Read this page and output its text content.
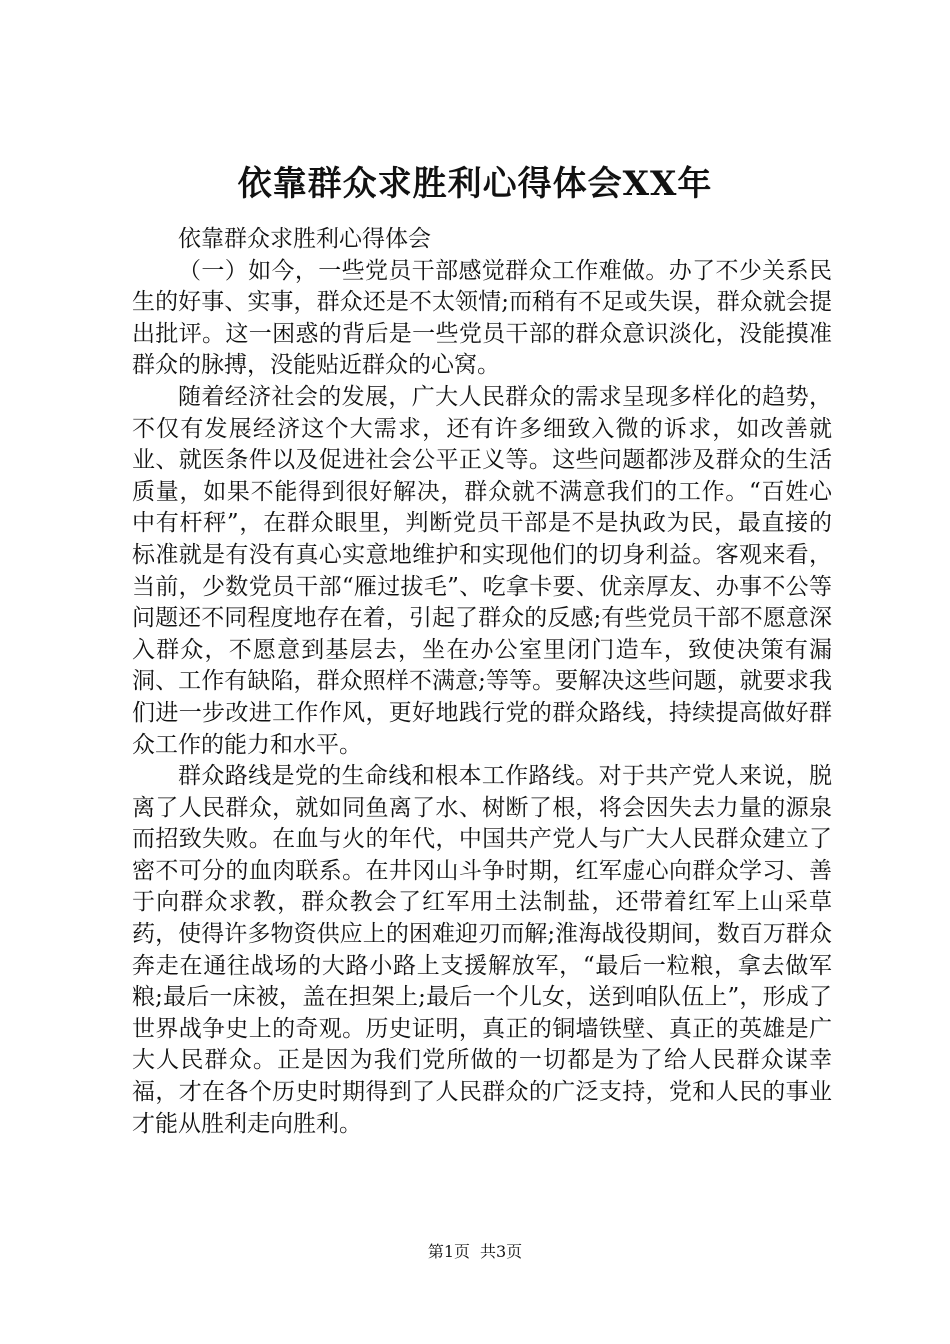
依靠群众求胜利心得体会XX年

依靠群众求胜利心得体会

（一）如今，一些党员干部感觉群众工作难做。办了不少关系民生的好事、实事，群众还是不太领情;而稍有不足或失误，群众就会提出批评。这一困惑的背后是一些党员干部的群众意识淡化，没能摸准群众的脉搏，没能贴近群众的心窝。

随着经济社会的发展，广大人民群众的需求呈现多样化的趋势，不仅有发展经济这个大需求，还有许多细致入微的诉求，如改善就业、就医条件以及促进社会公平正义等。这些问题都涉及群众的生活质量，如果不能得到很好解决，群众就不满意我们的工作。“百姓心中有杆秤”，在群众眼里，判断党员干部是不是执政为民，最直接的标准就是有没有真心实意地维护和实现他们的切身利益。客观来看，当前，少数党员干部“雁过拔毛”、吃拿卡要、优亲厚友、办事不公等问题还不同程度地存在着，引起了群众的反感;有些党员干部不愿意深入群众，不愿意到基层去，坐在办公室里闭门造车，致使决策有漏洞、工作有缺陷，群众照样不满意;等等。要解决这些问题，就要求我们进一步改进工作作风，更好地践行党的群众路线，持续提高做好群众工作的能力和水平。

群众路线是党的生命线和根本工作路线。对于共产党人来说，脱离了人民群众，就如同鱼离了水、树断了根，将会因失去力量的源泉而招致失败。在血与火的年代，中国共产党人与广大人民群众建立了密不可分的血肉联系。在井冈山斗争时期，红军虚心向群众学习、善于向群众求教，群众教会了红军用土法制盐，还带着红军上山采草药，使得许多物资供应上的困难迎刃而解;淮海战役期间，数百万群众奔走在通往战场的大路小路上支援解放军，“最后一粒粮，拿去做军粮;最后一床被，盖在担架上;最后一个儿女，送到咱队伍上”，形成了世界战争史上的奇观。历史证明，真正的铜墙铁壁、真正的英雄是广大人民群众。正是因为我们党所做的一切都是为了给人民群众谋幸福，才在各个历史时期得到了人民群众的广泛支持，党和人民的事业才能从胜利走向胜利。

第1页 共3页
